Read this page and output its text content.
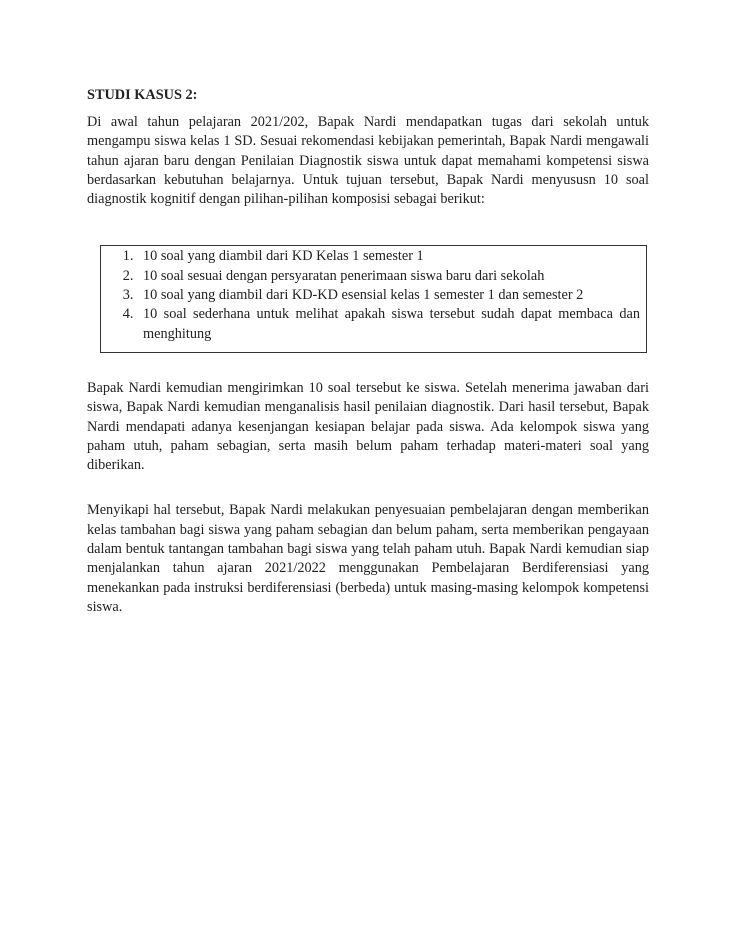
STUDI KASUS 2:

Di awal tahun pelajaran 2021/202, Bapak Nardi mendapatkan tugas dari sekolah untuk mengampu siswa kelas 1 SD. Sesuai rekomendasi kebijakan pemerintah, Bapak Nardi mengawali tahun ajaran baru dengan Penilaian Diagnostik siswa untuk dapat memahami kompetensi siswa berdasarkan kebutuhan belajarnya. Untuk tujuan tersebut, Bapak Nardi menyususn 10 soal diagnostik kognitif dengan pilihan-pilihan komposisi sebagai berikut:

1. 10 soal yang diambil dari KD Kelas 1 semester 1
2. 10 soal sesuai dengan persyaratan penerimaan siswa baru dari sekolah
3. 10 soal yang diambil dari KD-KD esensial kelas 1 semester 1 dan semester 2
4. 10 soal sederhana untuk melihat apakah siswa tersebut sudah dapat membaca dan menghitung

Bapak Nardi kemudian mengirimkan 10 soal tersebut ke siswa. Setelah menerima jawaban dari siswa, Bapak Nardi kemudian menganalisis hasil penilaian diagnostik. Dari hasil tersebut, Bapak Nardi mendapati adanya kesenjangan kesiapan belajar pada siswa. Ada kelompok siswa yang paham utuh, paham sebagian, serta masih belum paham terhadap materi-materi soal yang diberikan.

Menyikapi hal tersebut, Bapak Nardi melakukan penyesuaian pembelajaran dengan memberikan kelas tambahan bagi siswa yang paham sebagian dan belum paham, serta memberikan pengayaan dalam bentuk tantangan tambahan bagi siswa yang telah paham utuh. Bapak Nardi kemudian siap menjalankan tahun ajaran 2021/2022 menggunakan Pembelajaran Berdiferensiasi yang menekankan pada instruksi berdiferensiasi (berbeda) untuk masing-masing kelompok kompetensi siswa.
